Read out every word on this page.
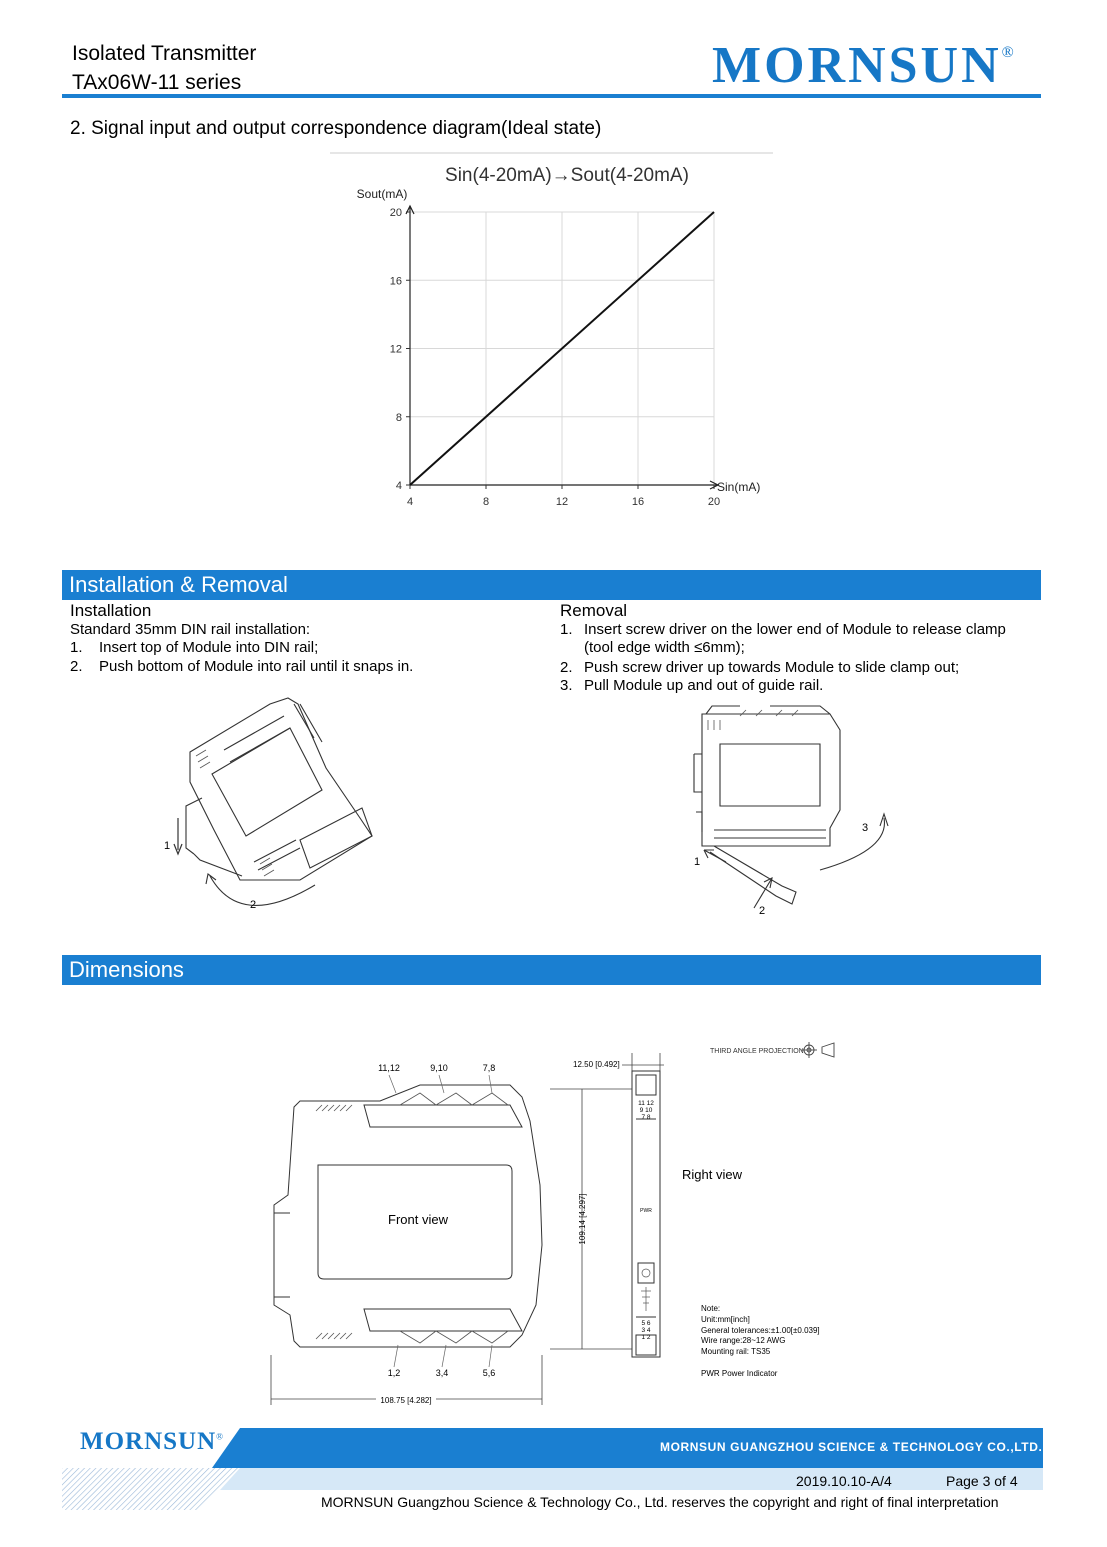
Isolated Transmitter
TAx06W-11 series	MORNSUN®
2. Signal input and output correspondence diagram(Ideal state)
Sin(4-20mA)→Sout(4-20mA)
Sout(mA)
Sin(mA)
4	8	12	16	20
4
8
12
16
20
Installation & Removal
Installation
Standard 35mm DIN rail installation:
1. Insert top of Module into DIN rail;
2. Push bottom of Module into rail until it snaps in.
Removal
1. Insert screw driver on the lower end of Module to release clamp
(tool edge width ≤6mm);
2. Push screw driver up towards Module to slide clamp out;
3. Pull Module up and out of guide rail.
1
2
1
2
3
Dimensions
THIRD ANGLE PROJECTION
11,12	9,10	7,8
1,2	3,4	5,6
Front view
108.75 [4.282]
109.14 [4.297]
12.50 [0.492]
11 12
9 10
7 8
5 6
3 4
1 2
PWR
Right view
Note:
Unit:mm[inch]
General tolerances:±1.00[±0.039]
Wire range:28~12 AWG
Mounting rail: TS35
PWR Power Indicator
MORNSUN®
MORNSUN GUANGZHOU SCIENCE & TECHNOLOGY CO.,LTD.
2019.10.10-A/4	Page 3 of 4
MORNSUN Guangzhou Science & Technology Co., Ltd. reserves the copyright and right of final interpretation
